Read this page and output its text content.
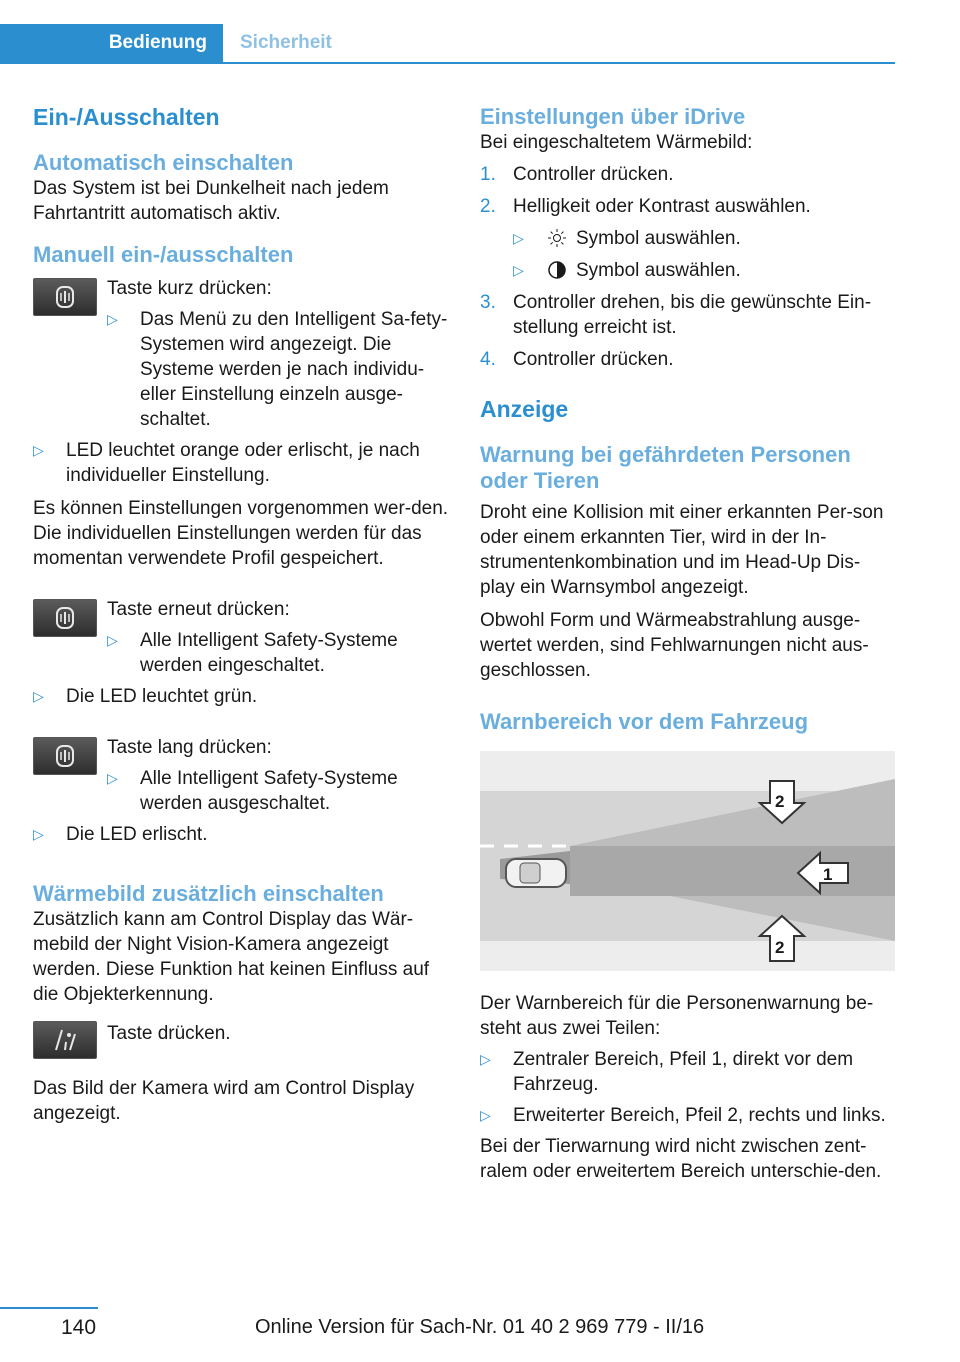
Bedienung	Sicherheit
Ein-/Ausschalten
Automatisch einschalten

Das System ist bei Dunkelheit nach jedem Fahrtantritt automatisch aktiv.

Manuell ein-/ausschalten

Taste kurz drücken:

▷ Das Menü zu den Intelligent Sa-fety-Systemen wird angezeigt. Die Systeme werden je nach individu-eller Einstellung einzeln ausge-schaltet.
▷ LED leuchtet orange oder erlischt, je nach individueller Einstellung.

Es können Einstellungen vorgenommen wer-den. Die individuellen Einstellungen werden für das momentan verwendete Profil gespeichert.

Taste erneut drücken:

▷ Alle Intelligent Safety-Systeme werden eingeschaltet.
▷ Die LED leuchtet grün.

Taste lang drücken:

▷ Alle Intelligent Safety-Systeme werden ausgeschaltet.
▷ Die LED erlischt.
Wärmebild zusätzlich einschalten

Zusätzlich kann am Control Display das Wär-mebild der Night Vision-Kamera angezeigt werden. Diese Funktion hat keinen Einfluss auf die Objekterkennung.

Taste drücken.

Das Bild der Kamera wird am Control Display angezeigt.

Einstellungen über iDrive

Bei eingeschaltetem Wärmebild:

1. Controller drücken.
2. Helligkeit oder Kontrast auswählen.
▷	Symbol auswählen.
▷	Symbol auswählen.
3. Controller drehen, bis die gewünschte Ein-stellung erreicht ist.
4. Controller drücken.
Anzeige
Warnung bei gefährdeten Personen oder Tieren

Droht eine Kollision mit einer erkannten Per-son oder einem erkannten Tier, wird in der In-strumentenkombination und im Head-Up Dis-play ein Warnsymbol angezeigt.

Obwohl Form und Wärmeabstrahlung ausge-wertet werden, sind Fehlwarnungen nicht aus-geschlossen.

Warnbereich vor dem Fahrzeug
1
2
2

Der Warnbereich für die Personenwarnung be-steht aus zwei Teilen:

▷ Zentraler Bereich, Pfeil 1, direkt vor dem Fahrzeug.
▷ Erweiterter Bereich, Pfeil 2, rechts und links.

Bei der Tierwarnung wird nicht zwischen zent-ralem oder erweitertem Bereich unterschie-den.

140	Online Version für Sach-Nr. 01 40 2 969 779 - II/16
